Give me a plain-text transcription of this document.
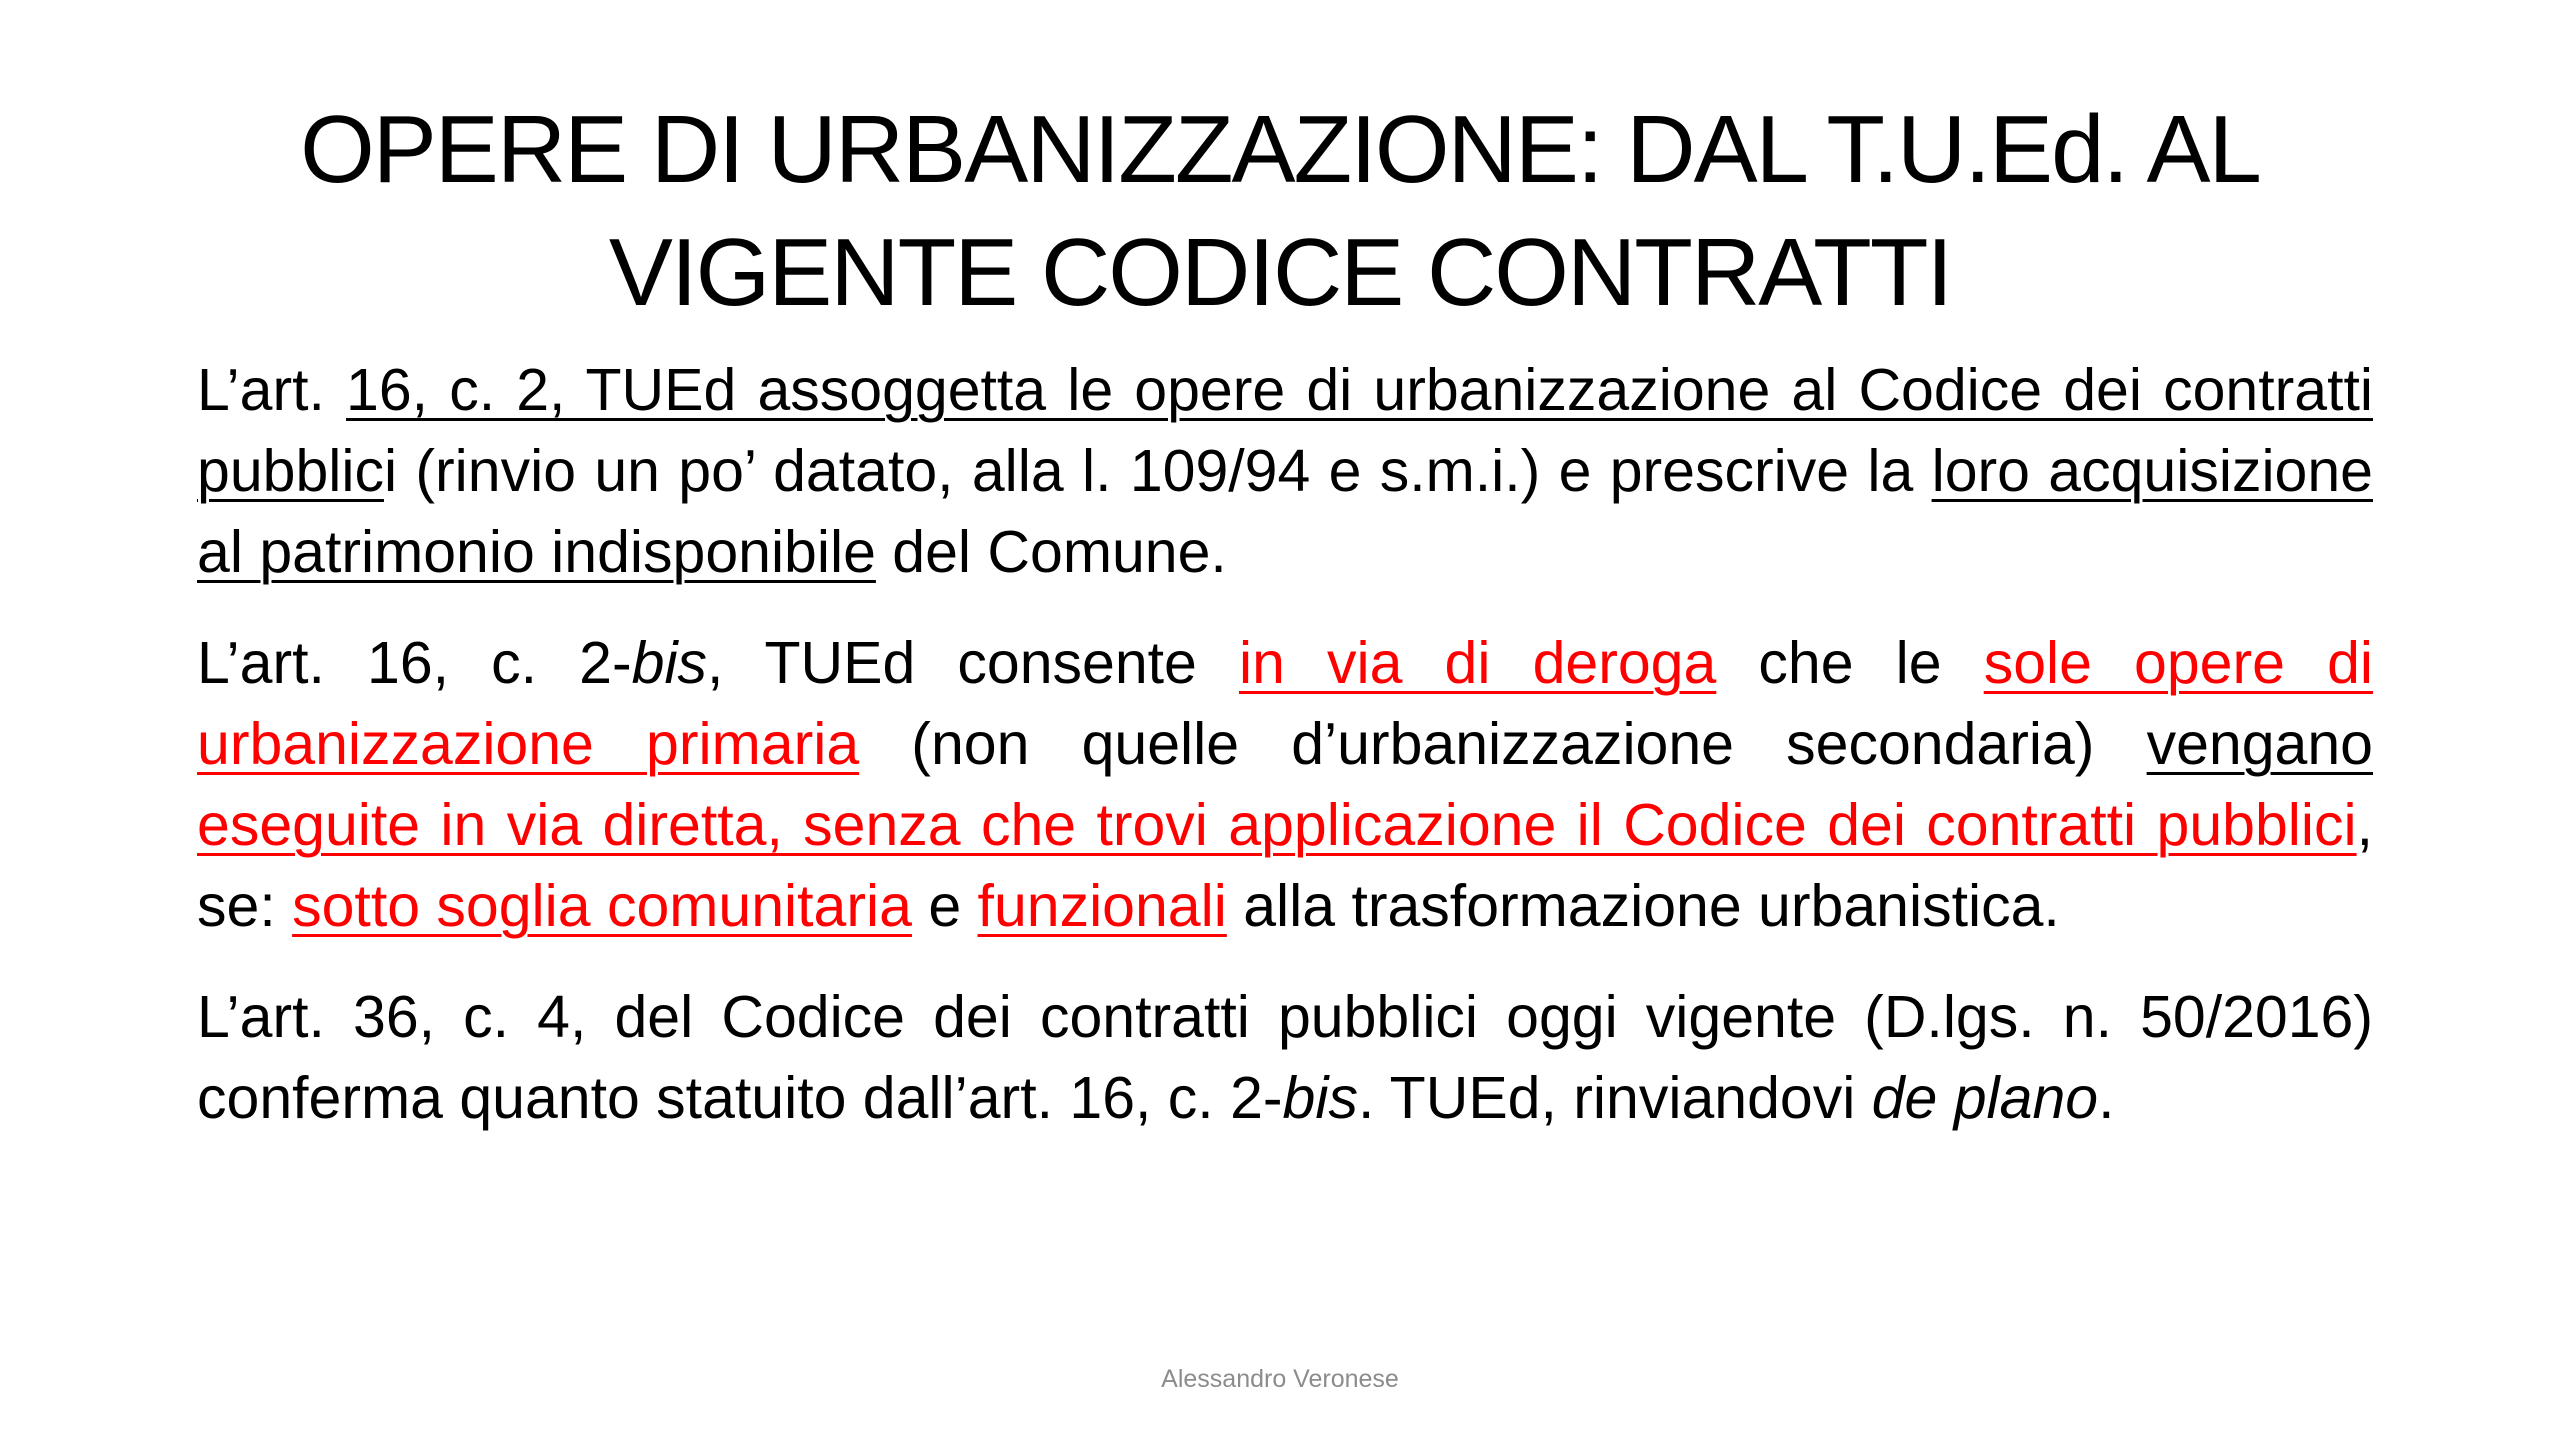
OPERE DI URBANIZZAZIONE: DAL T.U.Ed. AL
VIGENTE CODICE CONTRATTI

L’art. 16, c. 2, TUEd assoggetta le opere di urbanizzazione al Codice dei contratti pubblici (rinvio un po’ datato, alla l. 109/94 e s.m.i.) e prescrive la loro acquisizione al patrimonio indisponibile del Comune.

L’art. 16, c. 2-bis, TUEd consente in via di deroga che le sole opere di urbanizzazione primaria (non quelle d’urbanizzazione secondaria) vengano eseguite in via diretta, senza che trovi applicazione il Codice dei contratti pubblici, se: sotto soglia comunitaria e funzionali alla trasformazione urbanistica.

L’art. 36, c. 4, del Codice dei contratti pubblici oggi vigente (D.lgs. n. 50/2016) conferma quanto statuito dall’art. 16, c. 2-bis. TUEd, rinviandovi de plano.

Alessandro Veronese
